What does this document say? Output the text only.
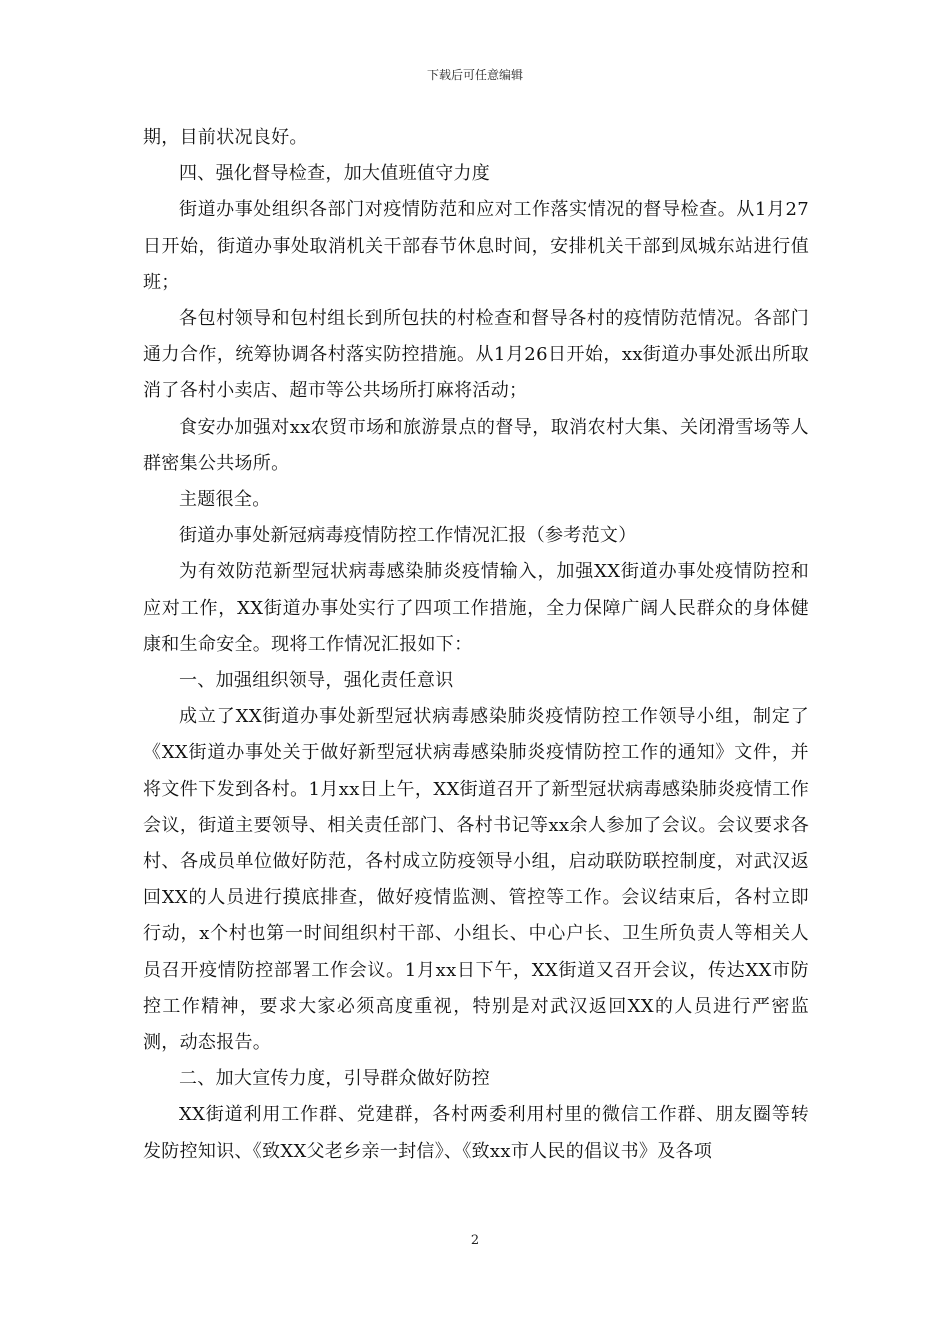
下载后可任意编辑

期，目前状况良好。

四、强化督导检查，加大值班值守力度

街道办事处组织各部门对疫情防范和应对工作落实情况的督导检查。从1月27日开始，街道办事处取消机关干部春节休息时间，安排机关干部到凤城东站进行值班；

各包村领导和包村组长到所包扶的村检查和督导各村的疫情防范情况。各部门通力合作，统筹协调各村落实防控措施。从1月26日开始，xx街道办事处派出所取消了各村小卖店、超市等公共场所打麻将活动；

食安办加强对xx农贸市场和旅游景点的督导，取消农村大集、关闭滑雪场等人群密集公共场所。

主题很全。

街道办事处新冠病毒疫情防控工作情况汇报（参考范文）

为有效防范新型冠状病毒感染肺炎疫情输入，加强XX街道办事处疫情防控和应对工作，XX街道办事处实行了四项工作措施，全力保障广阔人民群众的身体健康和生命安全。现将工作情况汇报如下：

一、加强组织领导，强化责任意识

成立了XX街道办事处新型冠状病毒感染肺炎疫情防控工作领导小组，制定了《XX街道办事处关于做好新型冠状病毒感染肺炎疫情防控工作的通知》文件，并将文件下发到各村。1月xx日上午，XX街道召开了新型冠状病毒感染肺炎疫情工作会议，街道主要领导、相关责任部门、各村书记等xx余人参加了会议。会议要求各村、各成员单位做好防范，各村成立防疫领导小组，启动联防联控制度，对武汉返回XX的人员进行摸底排查，做好疫情监测、管控等工作。会议结束后，各村立即行动，x个村也第一时间组织村干部、小组长、中心户长、卫生所负责人等相关人员召开疫情防控部署工作会议。1月xx日下午，XX街道又召开会议，传达XX市防控工作精神，要求大家必须高度重视，特别是对武汉返回XX的人员进行严密监测，动态报告。

二、加大宣传力度，引导群众做好防控

XX街道利用工作群、党建群，各村两委利用村里的微信工作群、朋友圈等转发防控知识、《致XX父老乡亲一封信》、《致xx市人民的倡议书》及各项

2
